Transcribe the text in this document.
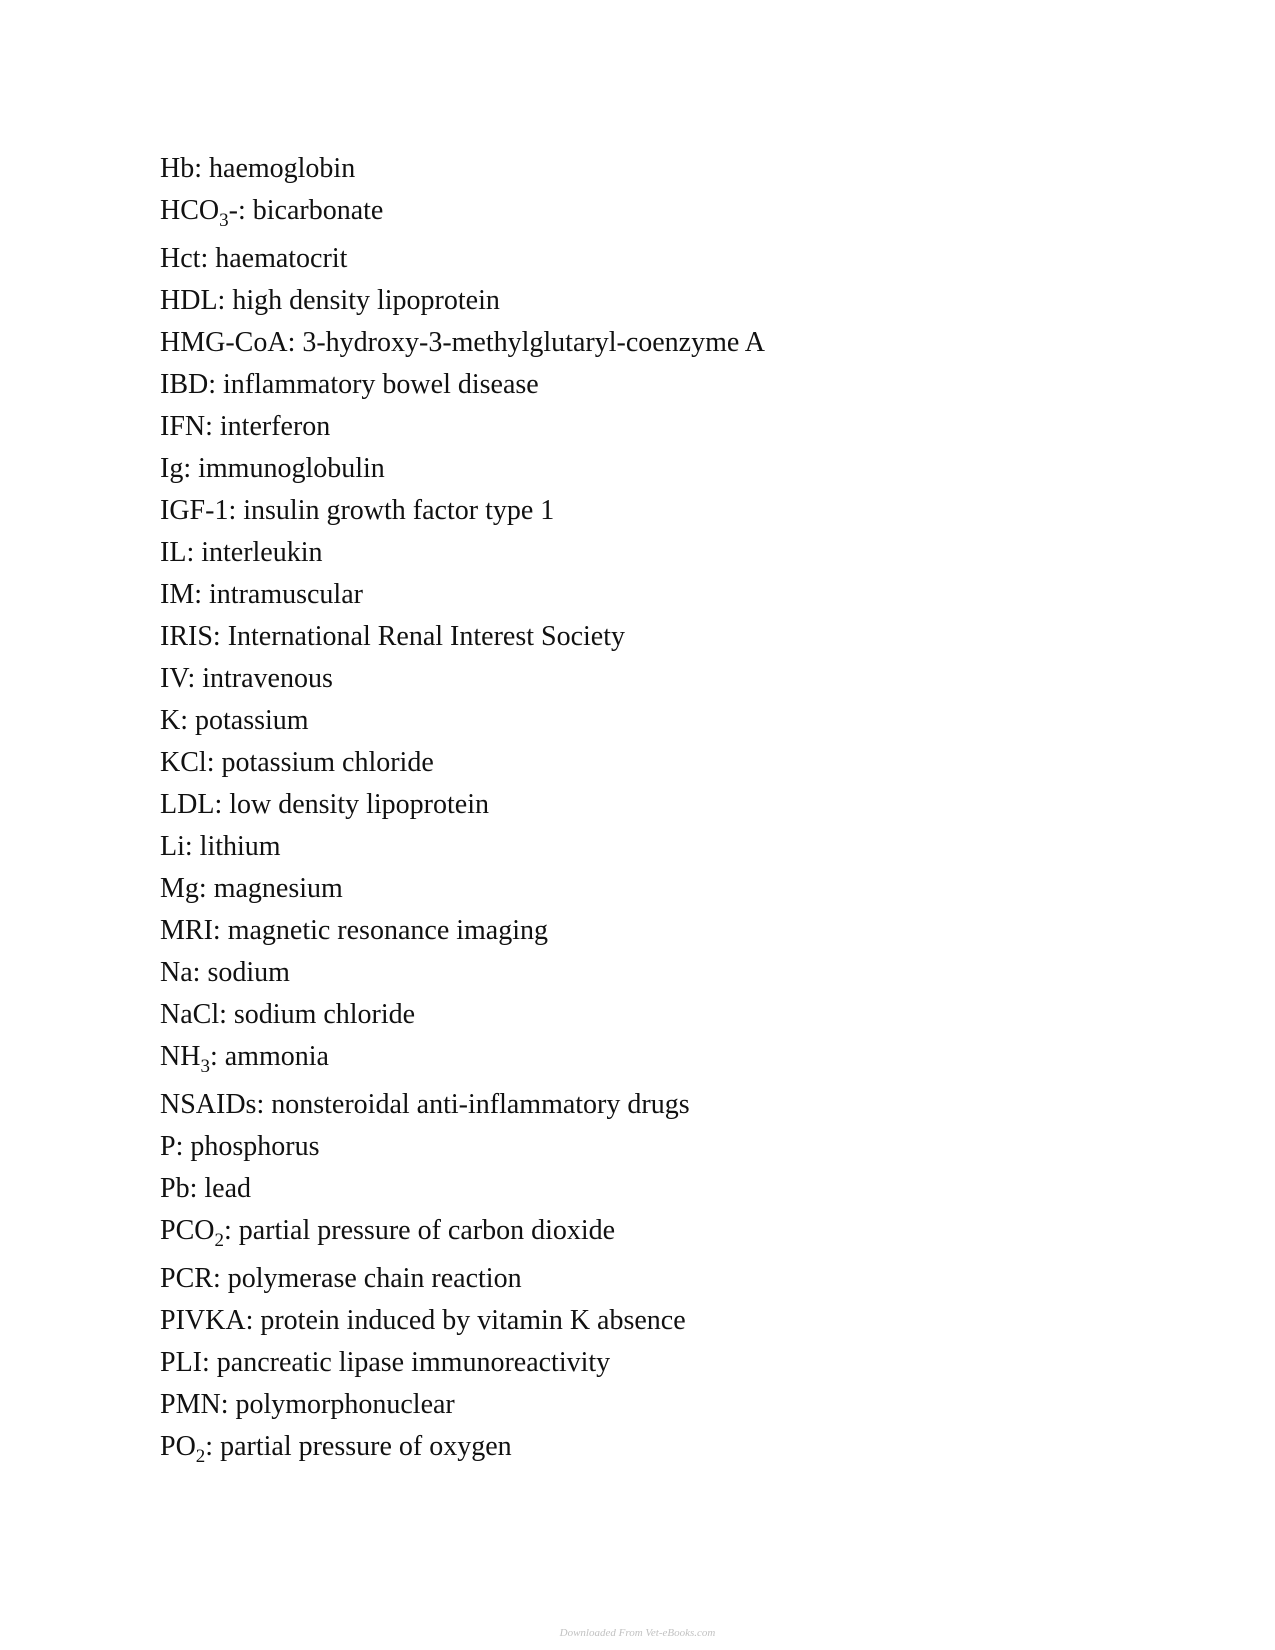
Hb: haemoglobin
$HCO_3-$: bicarbonate
Hct: haematocrit
HDL: high density lipoprotein
HMG-CoA: 3-hydroxy-3-methylglutaryl-coenzyme A
IBD: inflammatory bowel disease
IFN: interferon
Ig: immunoglobulin
IGF-1: insulin growth factor type 1
IL: interleukin
IM: intramuscular
IRIS: International Renal Interest Society
IV: intravenous
K: potassium
KCl: potassium chloride
LDL: low density lipoprotein
Li: lithium
Mg: magnesium
MRI: magnetic resonance imaging
Na: sodium
NaCl: sodium chloride
$NH_3$: ammonia
NSAIDs: nonsteroidal anti-inflammatory drugs
P: phosphorus
Pb: lead
$PCO_2$: partial pressure of carbon dioxide
PCR: polymerase chain reaction
PIVKA: protein induced by vitamin K absence
PLI: pancreatic lipase immunoreactivity
PMN: polymorphonuclear
$PO_2$: partial pressure of oxygen
Downloaded From Vet-eBooks.com
